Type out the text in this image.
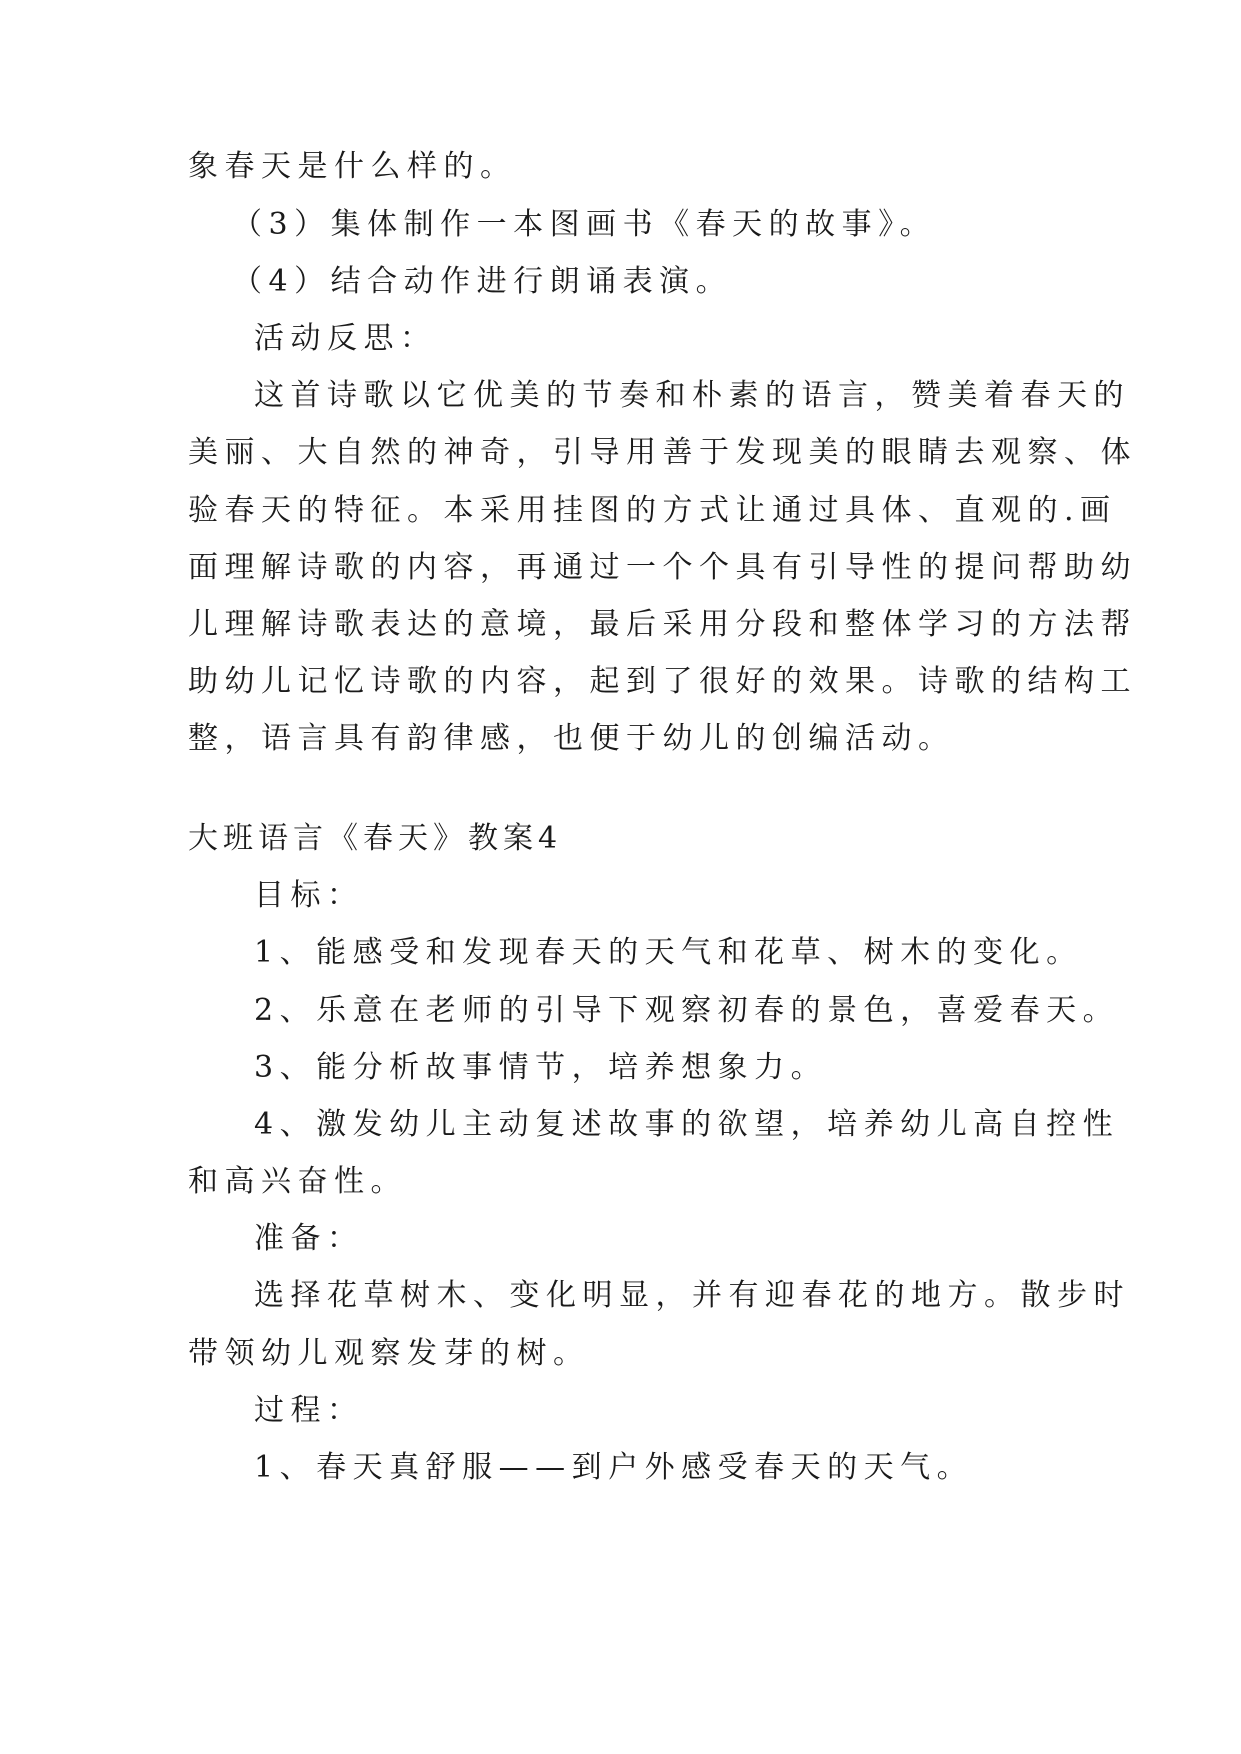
象春天是什么样的。
（3）集体制作一本图画书《春天的故事》。
（4）结合动作进行朗诵表演。
活动反思：
这首诗歌以它优美的节奏和朴素的语言，赞美着春天的
美丽、大自然的神奇，引导用善于发现美的眼睛去观察、体
验春天的特征。本采用挂图的方式让通过具体、直观的.画
面理解诗歌的内容，再通过一个个具有引导性的提问帮助幼
儿理解诗歌表达的意境，最后采用分段和整体学习的方法帮
助幼儿记忆诗歌的内容，起到了很好的效果。诗歌的结构工
整，语言具有韵律感，也便于幼儿的创编活动。
大班语言《春天》教案4
目标：
1、能感受和发现春天的天气和花草、树木的变化。
2、乐意在老师的引导下观察初春的景色，喜爱春天。
3、能分析故事情节，培养想象力。
4、激发幼儿主动复述故事的欲望，培养幼儿高自控性
和高兴奋性。
准备：
选择花草树木、变化明显，并有迎春花的地方。散步时
带领幼儿观察发芽的树。
过程：
1、春天真舒服——到户外感受春天的天气。
